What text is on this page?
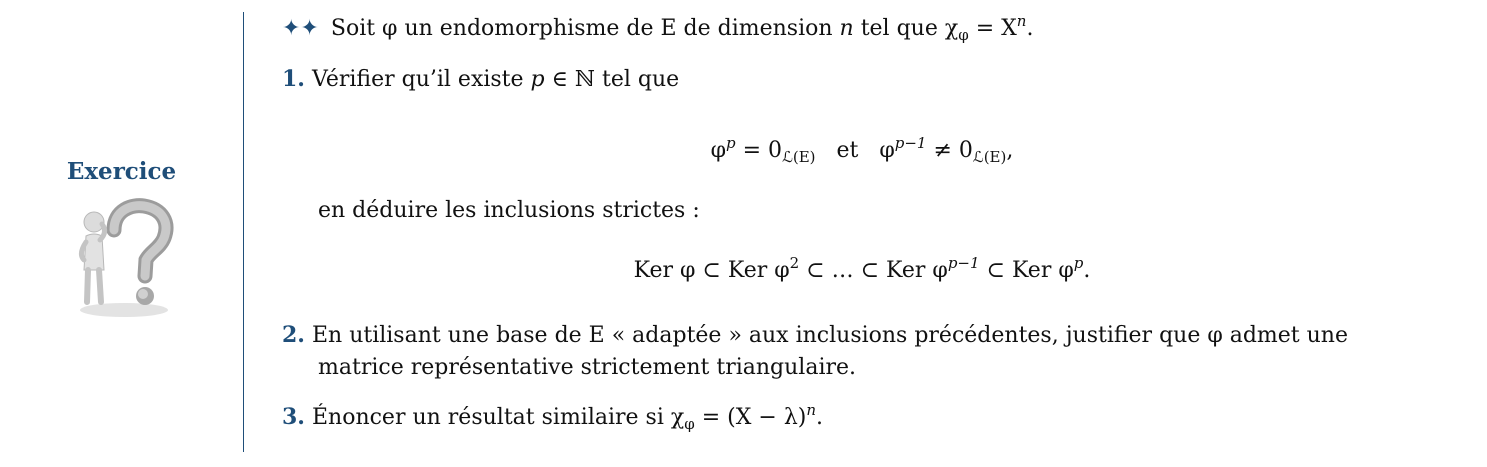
Exercice
✦✦ Soit φ un endomorphisme de E de dimension n tel que $\chi_\varphi = X^n$.
1. Vérifier qu’il existe p ∈ ℕ tel que
$\varphi^p = 0_{ℒ(E)}$   et   $\varphi^{p-1} \ne 0_{ℒ(E)}$,
en déduire les inclusions strictes :
Ker φ ⊂ Ker $\varphi^2$ ⊂ … ⊂ Ker $\varphi^{p-1}$ ⊂ Ker $\varphi^p$.
2. En utilisant une base de E « adaptée » aux inclusions précédentes, justifier que φ admet une
matrice représentative strictement triangulaire.
3. Énoncer un résultat similaire si $\chi_\varphi = (X - \lambda)^n$.
